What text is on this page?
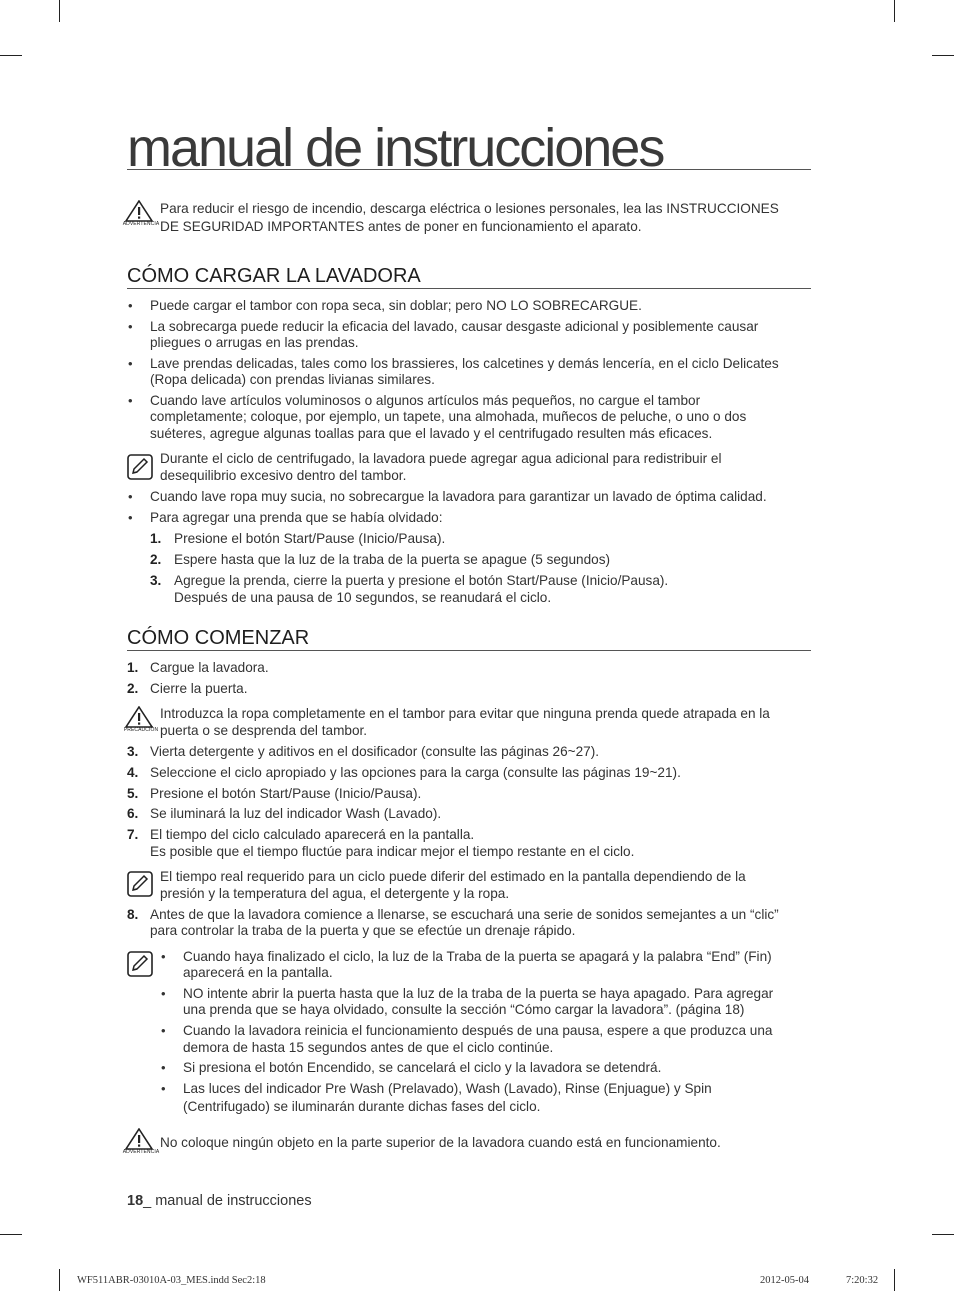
manual de instrucciones
ADVERTENCIA
Para reducir el riesgo de incendio, descarga eléctrica o lesiones personales, lea las INSTRUCCIONES
DE SEGURIDAD IMPORTANTES antes de poner en funcionamiento el aparato.
CÓMO CARGAR LA LAVADORA
• Puede cargar el tambor con ropa seca, sin doblar; pero NO LO SOBRECARGUE.
• La sobrecarga puede reducir la eficacia del lavado, causar desgaste adicional y posiblemente causar
pliegues o arrugas en las prendas.
• Lave prendas delicadas, tales como los brassieres, los calcetines y demás lencería, en el ciclo Delicates
(Ropa delicada) con prendas livianas similares.
• Cuando lave artículos voluminosos o algunos artículos más pequeños, no cargue el tambor
completamente; coloque, por ejemplo, un tapete, una almohada, muñecos de peluche, o uno o dos
suéteres, agregue algunas toallas para que el lavado y el centrifugado resulten más eficaces.
Durante el ciclo de centrifugado, la lavadora puede agregar agua adicional para redistribuir el
desequilibrio excesivo dentro del tambor.
• Cuando lave ropa muy sucia, no sobrecargue la lavadora para garantizar un lavado de óptima calidad.
• Para agregar una prenda que se había olvidado:
1. Presione el botón Start/Pause (Inicio/Pausa).
2. Espere hasta que la luz de la traba de la puerta se apague (5 segundos)
3. Agregue la prenda, cierre la puerta y presione el botón Start/Pause (Inicio/Pausa).
Después de una pausa de 10 segundos, se reanudará el ciclo.
CÓMO COMENZAR
1. Cargue la lavadora.
2. Cierre la puerta.
PRECAUCIÓN
Introduzca la ropa completamente en el tambor para evitar que ninguna prenda quede atrapada en la
puerta o se desprenda del tambor.
3. Vierta detergente y aditivos en el dosificador (consulte las páginas 26~27).
4. Seleccione el ciclo apropiado y las opciones para la carga (consulte las páginas 19~21).
5. Presione el botón Start/Pause (Inicio/Pausa).
6. Se iluminará la luz del indicador Wash (Lavado).
7. El tiempo del ciclo calculado aparecerá en la pantalla.
Es posible que el tiempo fluctúe para indicar mejor el tiempo restante en el ciclo.
El tiempo real requerido para un ciclo puede diferir del estimado en la pantalla dependiendo de la
presión y la temperatura del agua, el detergente y la ropa.
8. Antes de que la lavadora comience a llenarse, se escuchará una serie de sonidos semejantes a un “clic”
para controlar la traba de la puerta y que se efectúe un drenaje rápido.
• Cuando haya finalizado el ciclo, la luz de la Traba de la puerta se apagará y la palabra “End” (Fin)
aparecerá en la pantalla.
• NO intente abrir la puerta hasta que la luz de la traba de la puerta se haya apagado. Para agregar
una prenda que se haya olvidado, consulte la sección “Cómo cargar la lavadora”. (página 18)
• Cuando la lavadora reinicia el funcionamiento después de una pausa, espere a que produzca una
demora de hasta 15 segundos antes de que el ciclo continúe.
• Si presiona el botón Encendido, se cancelará el ciclo y la lavadora se detendrá.
• Las luces del indicador Pre Wash (Prelavado), Wash (Lavado), Rinse (Enjuague) y Spin
(Centrifugado) se iluminarán durante dichas fases del ciclo.
ADVERTENCIA
No coloque ningún objeto en la parte superior de la lavadora cuando está en funcionamiento.
18_ manual de instrucciones
WF511ABR-03010A-03_MES.indd Sec2:18	2012-05-04	7:20:32
